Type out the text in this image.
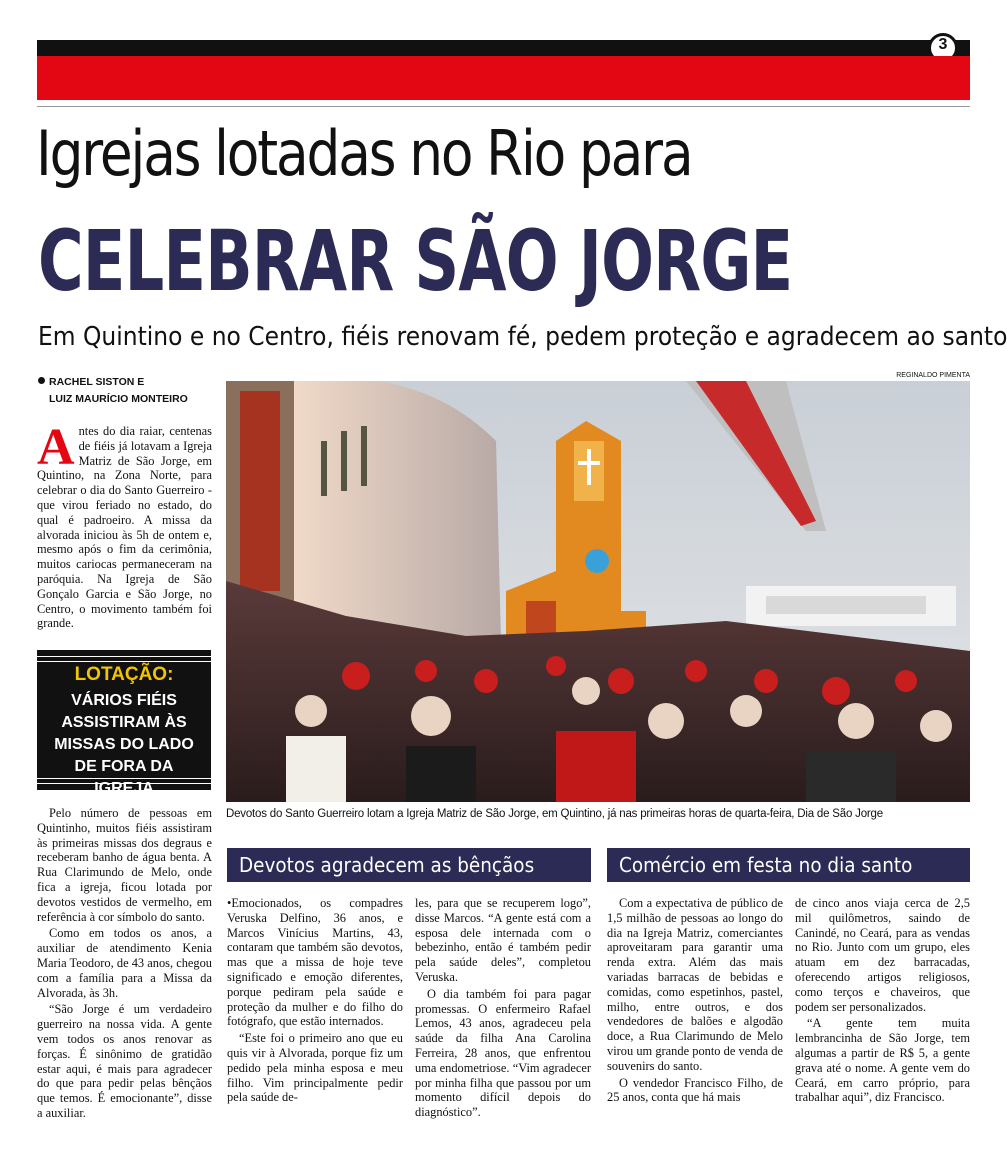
3
GERAL
Igrejas lotadas no Rio para
CELEBRAR SÃO JORGE
Em Quintino e no Centro, fiéis renovam fé, pedem proteção e agradecem ao santo
RACHEL SISTON E
LUIZ MAURÍCIO MONTEIRO
REGINALDO PIMENTA
Antes do dia raiar, centenas de fiéis já lotavam a Igreja Matriz de São Jorge, em Quintino, na Zona Norte, para celebrar o dia do Santo Guerreiro - que virou feriado no estado, do qual é padroeiro. A missa da alvorada iniciou às 5h de ontem e, mesmo após o fim da cerimônia, muitos cariocas permaneceram na paróquia. Na Igreja de São Gonçalo Garcia e São Jorge, no Centro, o movimento também foi grande.
LOTAÇÃO:
VÁRIOS FIÉIS ASSISTIRAM ÀS MISSAS DO LADO DE FORA DA IGREJA

Pelo número de pessoas em Quintinho, muitos fiéis assistiram às primeiras missas dos degraus e receberam banho de água benta. A Rua Clarimundo de Melo, onde fica a igreja, ficou lotada por devotos vestidos de vermelho, em referência à cor símbolo do santo.

Como em todos os anos, a auxiliar de atendimento Kenia Maria Teodoro, de 43 anos, chegou com a família para a Missa da Alvorada, às 3h.

“São Jorge é um verdadeiro guerreiro na nossa vida. A gente vem todos os anos renovar as forças. É sinônimo de gratidão estar aqui, é mais para agradecer do que para pedir pelas bênçãos que temos. É emocionante”, disse a auxiliar.

Devotos do Santo Guerreiro lotam a Igreja Matriz de São Jorge, em Quintino, já nas primeiras horas de quarta-feira, Dia de São Jorge
Devotos agradecem as bênçãos

•Emocionados, os compadres Veruska Delfino, 36 anos, e Marcos Vinícius Martins, 43, contaram que também são devotos, mas que a missa de hoje teve significado e emoção diferentes, porque pediram pela saúde e proteção da mulher e do filho do fotógrafo, que estão internados.

“Este foi o primeiro ano que eu quis vir à Alvorada, porque fiz um pedido pela minha esposa e meu filho. Vim principalmente pedir pela saúde de-

les, para que se recuperem logo”, disse Marcos. “A gente está com a esposa dele internada com o bebezinho, então é também pedir pela saúde deles”, completou Veruska.

O dia também foi para pagar promessas. O enfermeiro Rafael Lemos, 43 anos, agradeceu pela saúde da filha Ana Carolina Ferreira, 28 anos, que enfrentou uma endometriose. “Vim agradecer por minha filha que passou por um momento difícil depois do diagnóstico”.

Comércio em festa no dia santo

Com a expectativa de público de 1,5 milhão de pessoas ao longo do dia na Igreja Matriz, comerciantes aproveitaram para garantir uma renda extra. Além das mais variadas barracas de bebidas e comidas, como espetinhos, pastel, milho, entre outros, e dos vendedores de balões e algodão doce, a Rua Clarimundo de Melo virou um grande ponto de venda de souvenirs do santo.

O vendedor Francisco Filho, de 25 anos, conta que há mais

de cinco anos viaja cerca de 2,5 mil quilômetros, saindo de Canindé, no Ceará, para as vendas no Rio. Junto com um grupo, eles atuam em dez barracadas, oferecendo artigos religiosos, como terços e chaveiros, que podem ser personalizados.

“A gente tem muita lembrancinha de São Jorge, tem algumas a partir de R$ 5, a gente grava até o nome. A gente vem do Ceará, em carro próprio, para trabalhar aqui”, diz Francisco.
